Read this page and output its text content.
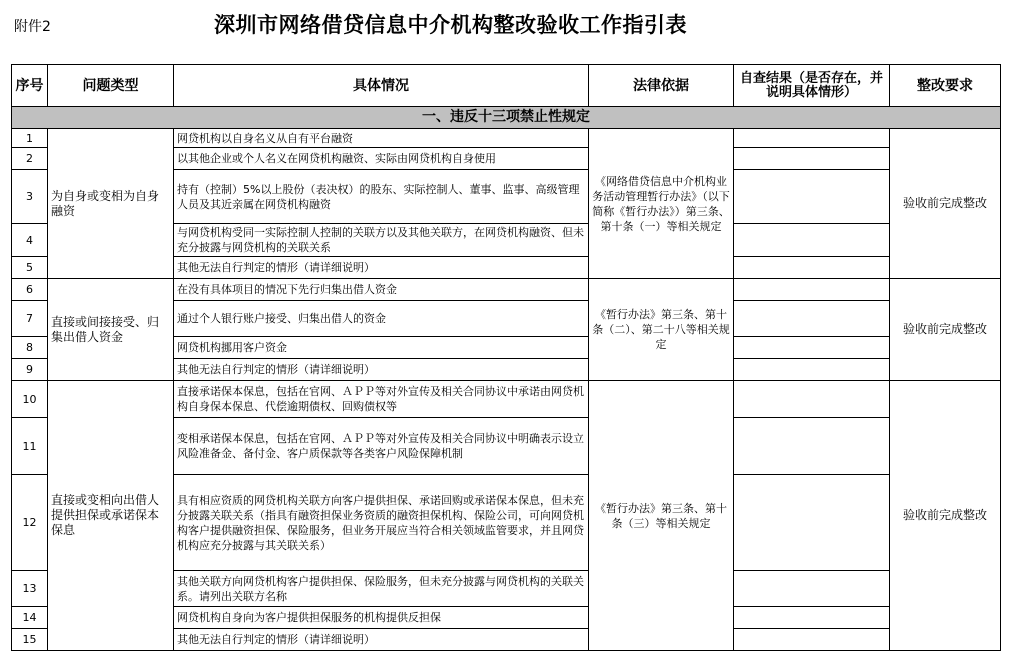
附件2	深圳市网络借贷信息中介机构整改验收工作指引表
序号	问题类型	具体情况	法律依据	自查结果（是否存在，并说明具体情形）	整改要求
一、违反十三项禁止性规定					
1	为自身或变相为自身融资	网贷机构以自身名义从自有平台融资	《网络借贷信息中介机构业务活动管理暂行办法》（以下简称《暂行办法》）第三条、第十条（一）等相关规定		验收前完成整改
2		以其他企业或个人名义在网贷机构融资、实际由网贷机构自身使用			
3		持有（控制）5%以上股份（表决权）的股东、实际控制人、董事、监事、高级管理人员及其近亲属在网贷机构融资			
4		与网贷机构受同一实际控制人控制的关联方以及其他关联方，在网贷机构融资、但未充分披露与网贷机构的关联关系			
5		其他无法自行判定的情形（请详细说明）			
6	直接或间接接受、归集出借人资金	在没有具体项目的情况下先行归集出借人资金	《暂行办法》第三条、第十条（二）、第二十八等相关规定		验收前完成整改
7		通过个人银行账户接受、归集出借人的资金			
8		网贷机构挪用客户资金			
9		其他无法自行判定的情形（请详细说明）			
10	直接或变相向出借人提供担保或承诺保本保息	直接承诺保本保息，包括在官网、ＡＰＰ等对外宣传及相关合同协议中承诺由网贷机构自身保本保息、代偿逾期债权、回购债权等	《暂行办法》第三条、第十条（三）等相关规定		验收前完成整改
11		变相承诺保本保息，包括在官网、ＡＰＰ等对外宣传及相关合同协议中明确表示设立风险准备金、备付金、客户质保款等各类客户风险保障机制			
12		具有相应资质的网贷机构关联方向客户提供担保、承诺回购或承诺保本保息，但未充分披露关联关系（指具有融资担保业务资质的融资担保机构、保险公司，可向网贷机构客户提供融资担保、保险服务，但业务开展应当符合相关领域监管要求，并且网贷机构应充分披露与其关联关系）			
13		其他关联方向网贷机构客户提供担保、保险服务，但未充分披露与网贷机构的关联关系。请列出关联方名称			
14		网贷机构自身向为客户提供担保服务的机构提供反担保			
15		其他无法自行判定的情形（请详细说明）			
